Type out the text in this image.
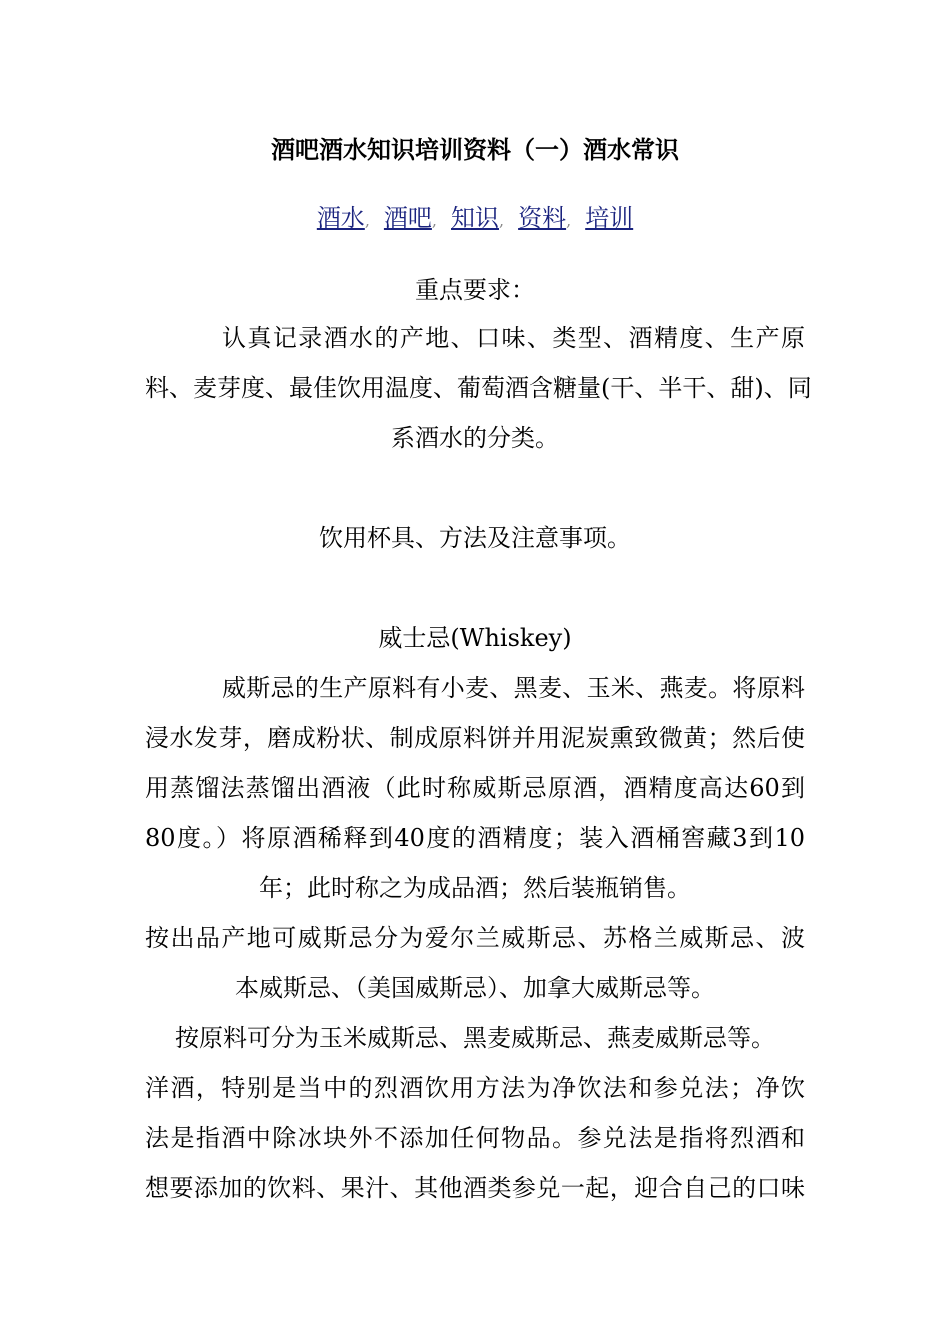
酒吧酒水知识培训资料（一）酒水常识
酒水, 酒吧, 知识, 资料, 培训
重点要求：
认真记录酒水的产地、口味、类型、酒精度、生产原
料、麦芽度、最佳饮用温度、葡萄酒含糖量(干、半干、甜)、同
系酒水的分类。
饮用杯具、方法及注意事项。
威士忌(Whiskey)
威斯忌的生产原料有小麦、黑麦、玉米、燕麦。将原料
浸水发芽，磨成粉状、制成原料饼并用泥炭熏致微黄；然后使
用蒸馏法蒸馏出酒液（此时称威斯忌原酒，酒精度高达60到
80度。）将原酒稀释到40度的酒精度；装入酒桶窖藏3到10
年；此时称之为成品酒；然后装瓶销售。
按出品产地可威斯忌分为爱尔兰威斯忌、苏格兰威斯忌、波
本威斯忌、（美国威斯忌）、加拿大威斯忌等。
按原料可分为玉米威斯忌、黑麦威斯忌、燕麦威斯忌等。
洋酒，特别是当中的烈酒饮用方法为净饮法和参兑法；净饮
法是指酒中除冰块外不添加任何物品。参兑法是指将烈酒和
想要添加的饮料、果汁、其他酒类参兑一起，迎合自己的口味
